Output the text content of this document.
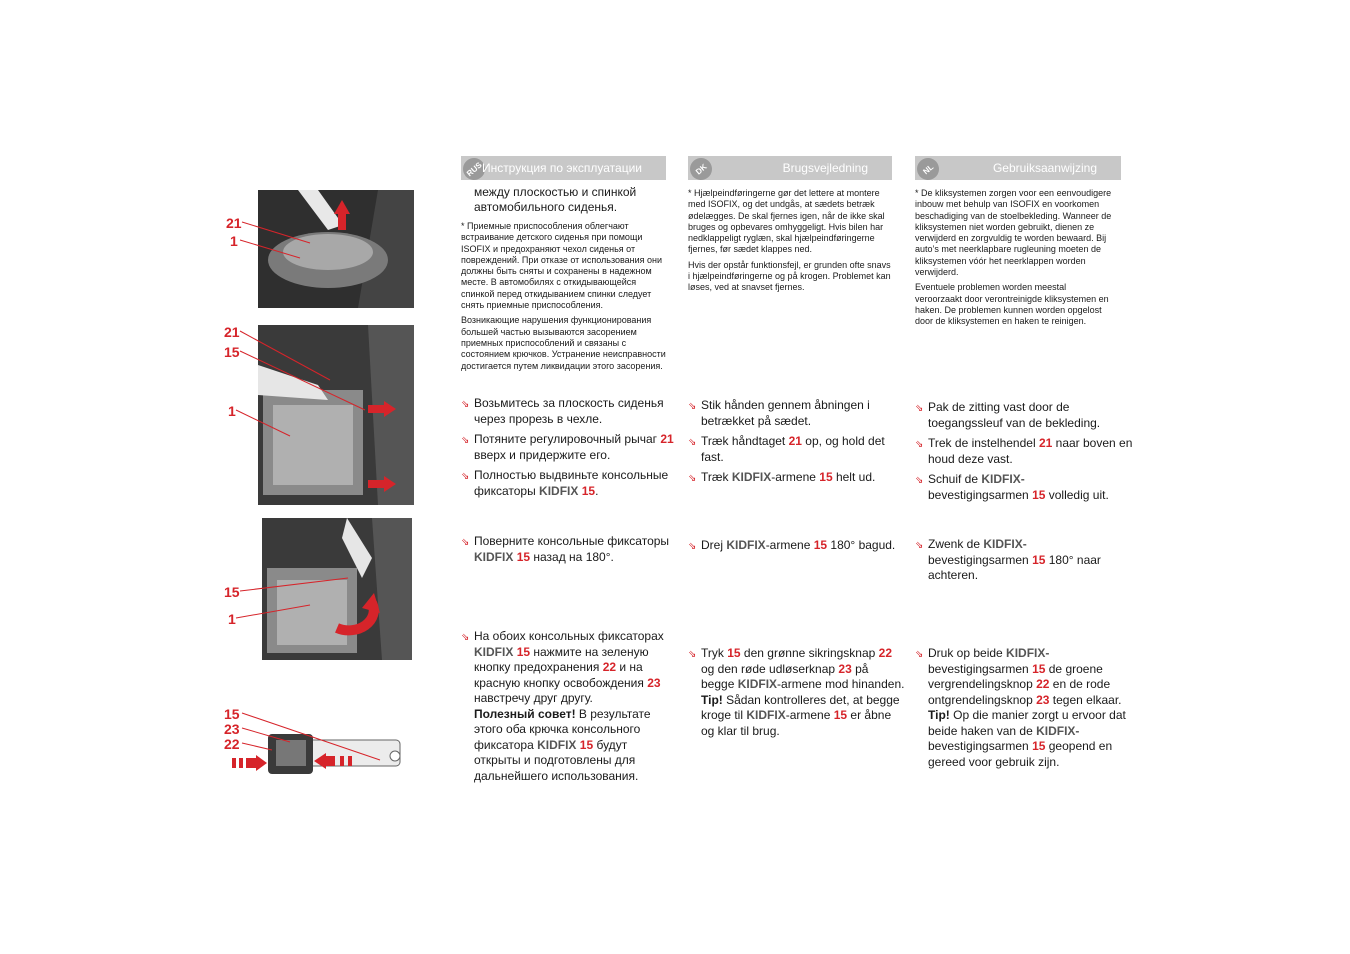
21
1
21
15
1
15
1
15
23
22
RUS
Инструкция по эксплуатации
между плоскостью и спинкой автомобильного сиденья.

* Приемные приспособления облегчают встраивание детского сиденья при помощи ISOFIX и предохраняют чехол сиденья от повреждений. При отказе от использования они должны быть сняты и сохранены в надежном месте. В автомобилях с откидывающейся спинкой перед откидыванием спинки следует снять приемные приспособления.

Возникающие нарушения функционирования большей частью вызываются засорением приемных приспособлений и связаны с состоянием крючков. Устранение неисправности достигается путем ликвидации этого засорения.

⇘ Возьмитесь за плоскость сиденья через прорезь в чехле.
⇘ Потяните регулировочный рычаг 21 вверх и придержите его.
⇘ Полностью выдвиньте консольные фиксаторы KIDFIX 15.
⇘ Поверните консольные фиксаторы KIDFIX 15 назад на 180°.
⇘ На обоих консольных фиксаторах KIDFIX 15 нажмите на зеленую кнопку предохранения 22 и на красную кнопку освобождения 23 навстречу друг другу.
Полезный совет! В результате этого оба крючка консольного фиксатора KIDFIX 15 будут открыты и подготовлены для дальнейшего использования.
DK	Brugsvejledning

* Hjælpeindføringerne gør det lettere at montere med ISOFIX, og det undgås, at sædets betræk ødelægges. De skal fjernes igen, når de ikke skal bruges og opbevares omhyggeligt. Hvis bilen har nedklappeligt ryglæn, skal hjælpeindføringerne fjernes, før sædet klappes ned.

Hvis der opstår funktionsfejl, er grunden ofte snavs i hjælpeindføringerne og på krogen. Problemet kan løses, ved at snavset fjernes.

⇘ Stik hånden gennem åbningen i betrækket på sædet.
⇘ Træk håndtaget 21 op, og hold det fast.
⇘ Træk KIDFIX-armene 15 helt ud.
⇘ Drej KIDFIX-armene 15 180° bagud.
⇘ Tryk 15 den grønne sikringsknap 22 og den røde udløserknap 23 på begge KIDFIX-armene mod hinanden.
Tip! Sådan kontrolleres det, at begge kroge til KIDFIX-armene 15 er åbne og klar til brug.
NL	Gebruiksaanwijzing

* De kliksystemen zorgen voor een eenvoudigere inbouw met behulp van ISOFIX en voorkomen beschadiging van de stoelbekleding. Wanneer de kliksystemen niet worden gebruikt, dienen ze verwijderd en zorgvuldig te worden bewaard. Bij auto’s met neerklapbare rugleuning moeten de kliksystemen vóór het neerklappen worden verwijderd.

Eventuele problemen worden meestal veroorzaakt door verontreinigde kliksystemen en haken. De problemen kunnen worden opgelost door de kliksystemen en haken te reinigen.

⇘ Pak de zitting vast door de toegangssleuf van de bekleding.
⇘ Trek de instelhendel 21 naar boven en houd deze vast.
⇘ Schuif de KIDFIX-
bevestigingsarmen 15 volledig uit.
⇘ Zwenk de KIDFIX-
bevestigingsarmen 15 180° naar achteren.
⇘ Druk op beide KIDFIX-
bevestigingsarmen 15 de groene vergrendelingsknop 22 en de rode ontgrendelingsknop 23 tegen elkaar.
Tip! Op die manier zorgt u ervoor dat beide haken van de KIDFIX-
bevestigingsarmen 15 geopend en gereed voor gebruik zijn.
